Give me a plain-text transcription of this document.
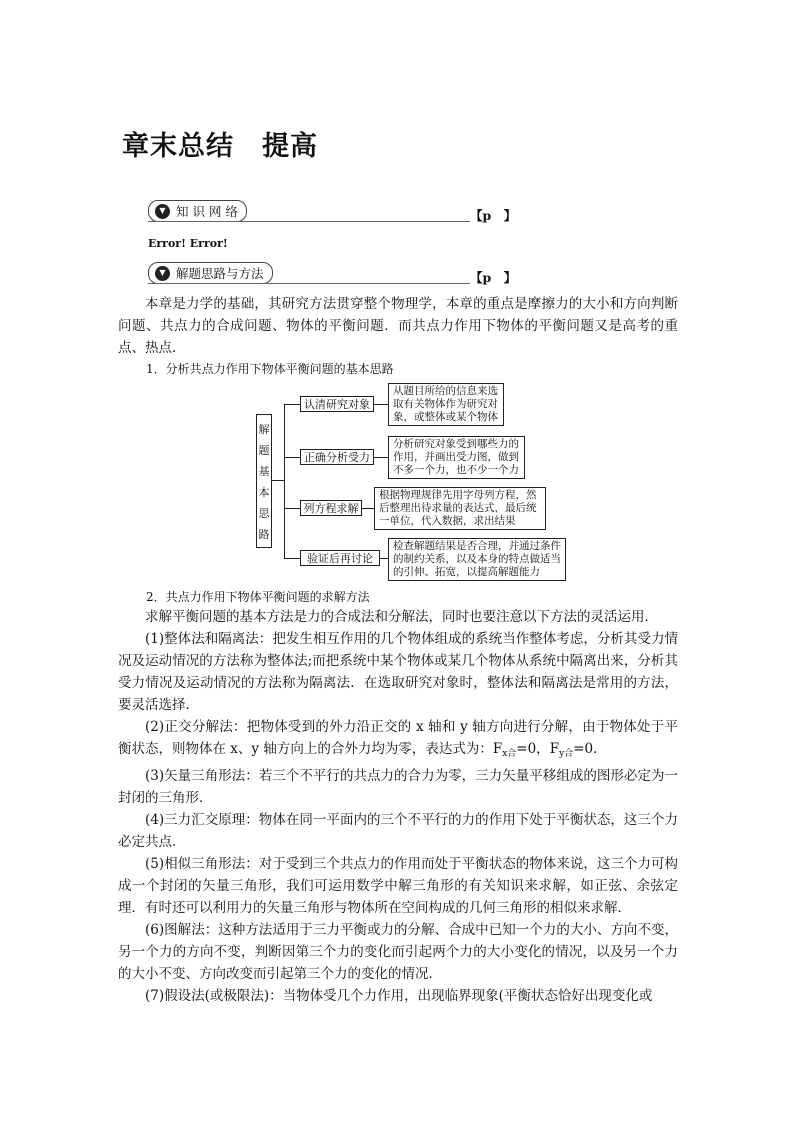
章末总结　提高
▼ 知 识 网 络	【p　】
Error! Error!
▼ 解题思路与方法	【p　】

本章是力学的基础，其研究方法贯穿整个物理学，本章的重点是摩擦力的大小和方向判断问题、共点力的合成问题、物体的平衡问题．而共点力作用下物体的平衡问题又是高考的重点、热点．

1．分析共点力作用下物体平衡问题的基本思路
解
题
基
本
思
路
认清研究对象
从题目所给的信息来选
取有关物体作为研究对
象，或整体或某个物体
正确分析受力
分析研究对象受到哪些力的
作用，并画出受力图，做到
不多一个力，也不少一个力
列方程求解
根据物理规律先用字母列方程，然
后整理出待求量的表达式，最后统
一单位，代入数据，求出结果
验证后再讨论
检查解题结果是否合理，并通过条件
的制约关系，以及本身的特点做适当
的引伸、拓宽，以提高解题能力
2．共点力作用下物体平衡问题的求解方法

求解平衡问题的基本方法是力的合成法和分解法，同时也要注意以下方法的灵活运用．

(1)整体法和隔离法：把发生相互作用的几个物体组成的系统当作整体考虑，分析其受力情况及运动情况的方法称为整体法;而把系统中某个物体或某几个物体从系统中隔离出来，分析其受力情况及运动情况的方法称为隔离法．在选取研究对象时，整体法和隔离法是常用的方法，要灵活选择．

(2)正交分解法：把物体受到的外力沿正交的 x 轴和 y 轴方向进行分解，由于物体处于平衡状态，则物体在 x、y 轴方向上的合外力均为零，表达式为：$F_{x合}=0$，$F_{y合}=0$.

(3)矢量三角形法：若三个不平行的共点力的合力为零，三力矢量平移组成的图形必定为一封闭的三角形．

(4)三力汇交原理：物体在同一平面内的三个不平行的力的作用下处于平衡状态，这三个力必定共点．

(5)相似三角形法：对于受到三个共点力的作用而处于平衡状态的物体来说，这三个力可构成一个封闭的矢量三角形，我们可运用数学中解三角形的有关知识来求解，如正弦、余弦定理．有时还可以利用力的矢量三角形与物体所在空间构成的几何三角形的相似来求解．

(6)图解法：这种方法适用于三力平衡或力的分解、合成中已知一个力的大小、方向不变，另一个力的方向不变，判断因第三个力的变化而引起两个力的大小变化的情况，以及另一个力的大小不变、方向改变而引起第三个力的变化的情况．

(7)假设法(或极限法)：当物体受几个力作用，出现临界现象(平衡状态恰好出现变化或
